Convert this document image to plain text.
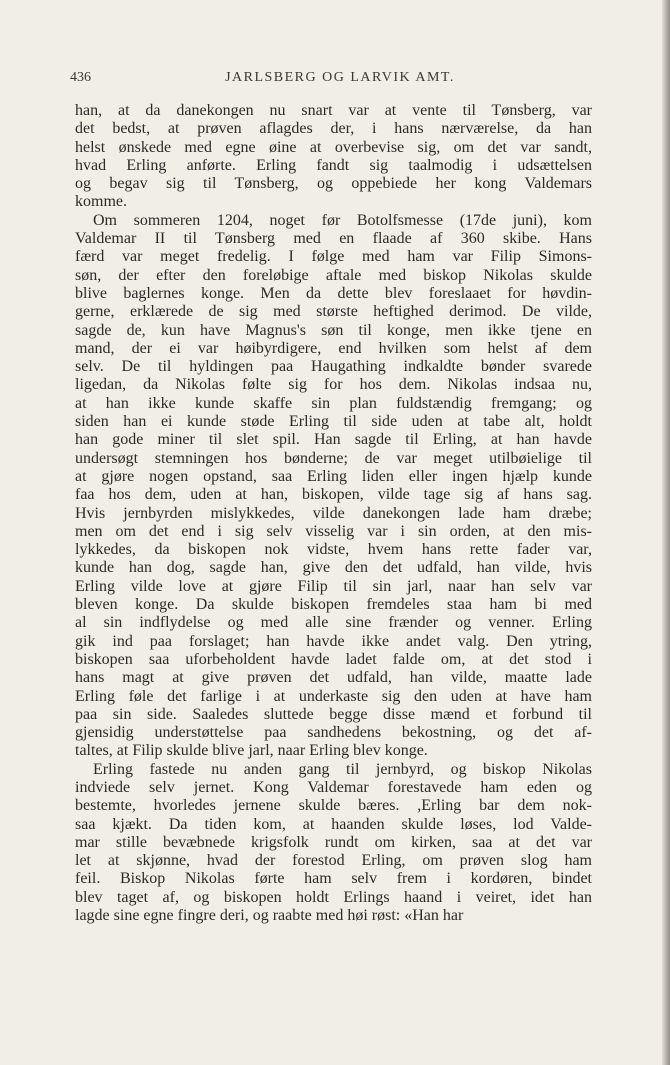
436	JARLSBERG OG LARVIK AMT.
han, at da danekongen nu snart var at vente til Tønsberg, var
det bedst, at prøven aflagdes der, i hans nærværelse, da han
helst ønskede med egne øine at overbevise sig, om det var sandt,
hvad Erling anførte. Erling fandt sig taalmodig i udsættelsen
og begav sig til Tønsberg, og oppebiede her kong Valdemars
komme.
Om sommeren 1204, noget før Botolfsmesse (17de juni), kom
Valdemar II til Tønsberg med en flaade af 360 skibe. Hans
færd var meget fredelig. I følge med ham var Filip Simons-
søn, der efter den foreløbige aftale med biskop Nikolas skulde
blive baglernes konge. Men da dette blev foreslaaet for høvdin-
gerne, erklærede de sig med største heftighed derimod. De vilde,
sagde de, kun have Magnus's søn til konge, men ikke tjene en
mand, der ei var høibyrdigere, end hvilken som helst af dem
selv. De til hyldingen paa Haugathing indkaldte bønder svarede
ligedan, da Nikolas følte sig for hos dem. Nikolas indsaa nu,
at han ikke kunde skaffe sin plan fuldstændig fremgang; og
siden han ei kunde støde Erling til side uden at tabe alt, holdt
han gode miner til slet spil. Han sagde til Erling, at han havde
undersøgt stemningen hos bønderne; de var meget utilbøielige til
at gjøre nogen opstand, saa Erling liden eller ingen hjælp kunde
faa hos dem, uden at han, biskopen, vilde tage sig af hans sag.
Hvis jernbyrden mislykkedes, vilde danekongen lade ham dræbe;
men om det end i sig selv visselig var i sin orden, at den mis-
lykkedes, da biskopen nok vidste, hvem hans rette fader var,
kunde han dog, sagde han, give den det udfald, han vilde, hvis
Erling vilde love at gjøre Filip til sin jarl, naar han selv var
bleven konge. Da skulde biskopen fremdeles staa ham bi med
al sin indflydelse og med alle sine frænder og venner. Erling
gik ind paa forslaget; han havde ikke andet valg. Den ytring,
biskopen saa uforbeholdent havde ladet falde om, at det stod i
hans magt at give prøven det udfald, han vilde, maatte lade
Erling føle det farlige i at underkaste sig den uden at have ham
paa sin side. Saaledes sluttede begge disse mænd et forbund til
gjensidig understøttelse paa sandhedens bekostning, og det af-
taltes, at Filip skulde blive jarl, naar Erling blev konge.
Erling fastede nu anden gang til jernbyrd, og biskop Nikolas
indviede selv jernet. Kong Valdemar forestavede ham eden og
bestemte, hvorledes jernene skulde bæres. ,Erling bar dem nok-
saa kjækt. Da tiden kom, at haanden skulde løses, lod Valde-
mar stille bevæbnede krigsfolk rundt om kirken, saa at det var
let at skjønne, hvad der forestod Erling, om prøven slog ham
feil. Biskop Nikolas førte ham selv frem i kordøren, bindet
blev taget af, og biskopen holdt Erlings haand i veiret, idet han
lagde sine egne fingre deri, og raabte med høi røst: «Han har
